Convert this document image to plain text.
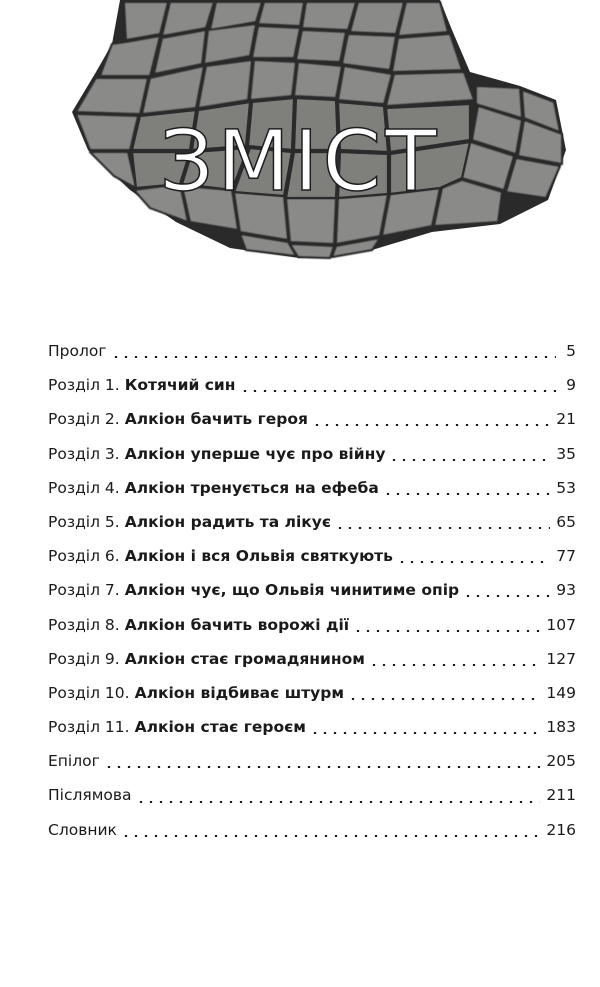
ЗМІСТ
Пролог	5
Розділ 1. Котячий син	9
Розділ 2. Алкіон бачить героя	21
Розділ 3. Алкіон уперше чує про війну	35
Розділ 4. Алкіон тренується на ефеба	53
Розділ 5. Алкіон радить та лікує	65
Розділ 6. Алкіон і вся Ольвія святкують	77
Розділ 7. Алкіон чує, що Ольвія чинитиме опір	93
Розділ 8. Алкіон бачить ворожі дії	107
Розділ 9. Алкіон стає громадянином	127
Розділ 10. Алкіон відбиває штурм	149
Розділ 11. Алкіон стає героєм	183
Епілог	205
Післямова	211
Словник	216
